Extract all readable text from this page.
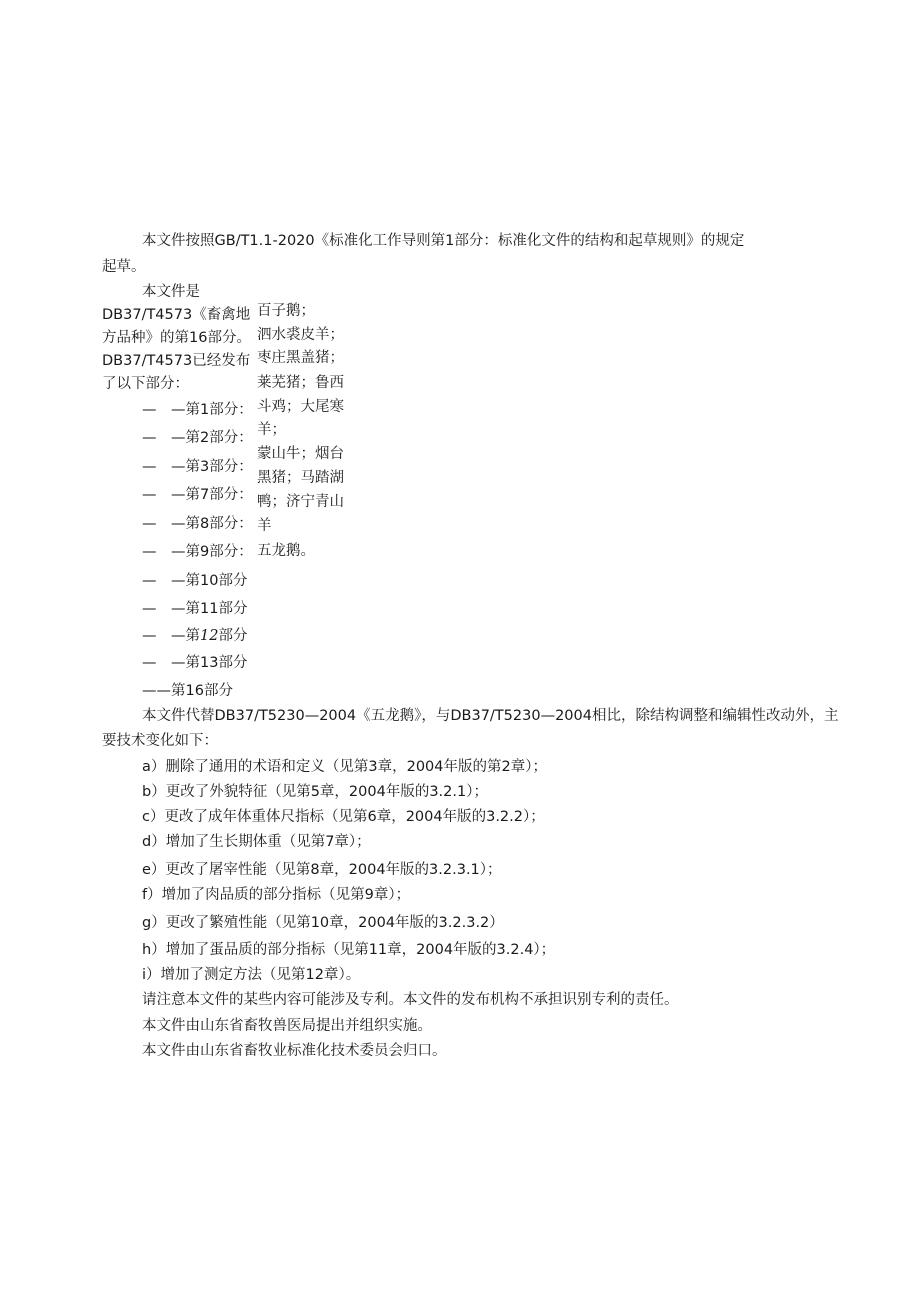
本文件按照GB/T1.1-2020《标准化工作导则第1部分：标准化文件的结构和起草规则》的规定
起草。
本文件是
DB37/T4573《畜禽地
方品种》的第16部分。
DB37/T4573已经发布
了以下部分：
— —第1部分：
— —第2部分：
— —第3部分：
— —第7部分：
— —第8部分：
— —第9部分：
— —第10部分
— —第11部分
— —第12部分
— —第13部分
——第16部分
百子鹅；
泗水裘皮羊；
枣庄黑盖猪；
莱芜猪；鲁西
斗鸡；大尾寒
羊；
蒙山牛；烟台
黑猪；马踏湖
鸭；济宁青山
羊
五龙鹅。
本文件代替DB37/T5230—2004《五龙鹅》，与DB37/T5230—2004相比，除结构调整和编辑性改动外，主
要技术变化如下：
a）删除了通用的术语和定义（见第3章，2004年版的第2章）；
b）更改了外貌特征（见第5章，2004年版的3.2.1）；
c）更改了成年体重体尺指标（见第6章，2004年版的3.2.2）；
d）增加了生长期体重（见第7章）；
e）更改了屠宰性能（见第8章，2004年版的3.2.3.1）；
f）增加了肉品质的部分指标（见第9章）；
g）更改了繁殖性能（见第10章，2004年版的3.2.3.2）
h）增加了蛋品质的部分指标（见第11章，2004年版的3.2.4）；
i）增加了测定方法（见第12章）。
请注意本文件的某些内容可能涉及专利。本文件的发布机构不承担识别专利的责任。
本文件由山东省畜牧兽医局提出并组织实施。
本文件由山东省畜牧业标准化技术委员会归口。
